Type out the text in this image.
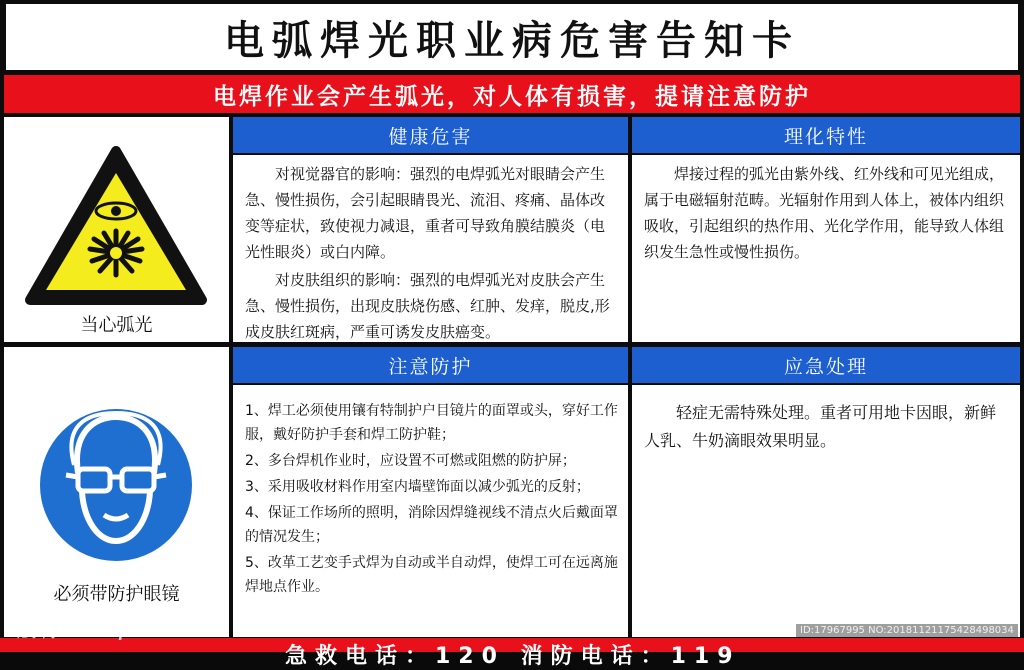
电弧焊光职业病危害告知卡
电焊作业会产生弧光，对人体有损害，提请注意防护
当心弧光
必须带防护眼镜
健康危害

对视觉器官的影响：强烈的电焊弧光对眼睛会产生急、慢性损伤，会引起眼睛畏光、流泪、疼痛、晶体改变等症状，致使视力减退，重者可导致角膜结膜炎（电光性眼炎）或白内障。

对皮肤组织的影响：强烈的电焊弧光对皮肤会产生急、慢性损伤，出现皮肤烧伤感、红肿、发痒，脱皮,形成皮肤红斑病，严重可诱发皮肤癌变。

理化特性

焊接过程的弧光由紫外线、红外线和可见光组成，属于电磁辐射范畴。光辐射作用到人体上，被体内组织吸收，引起组织的热作用、光化学作用，能导致人体组织发生急性或慢性损伤。

注意防护

1、焊工必须使用镶有特制护户目镜片的面罩或头，穿好工作服，戴好防护手套和焊工防护鞋；

2、多台焊机作业时，应设置不可燃或阻燃的防护屏；

3、采用吸收材料作用室内墙壁饰面以减少弧光的反射；

4、保证工作场所的照明，消除因焊缝视线不清点火后戴面罩的情况发生；

5、改革工艺变手式焊为自动或半自动焊，使焊工可在远离施焊地点作业。

应急处理

轻症无需特殊处理。重者可用地卡因眼，新鲜人乳、牛奶滴眼效果明显。

急救电话：120 消防电话：119
昵享网 www.nipic.cn	ID:17967995 NO:20181121175428498034
